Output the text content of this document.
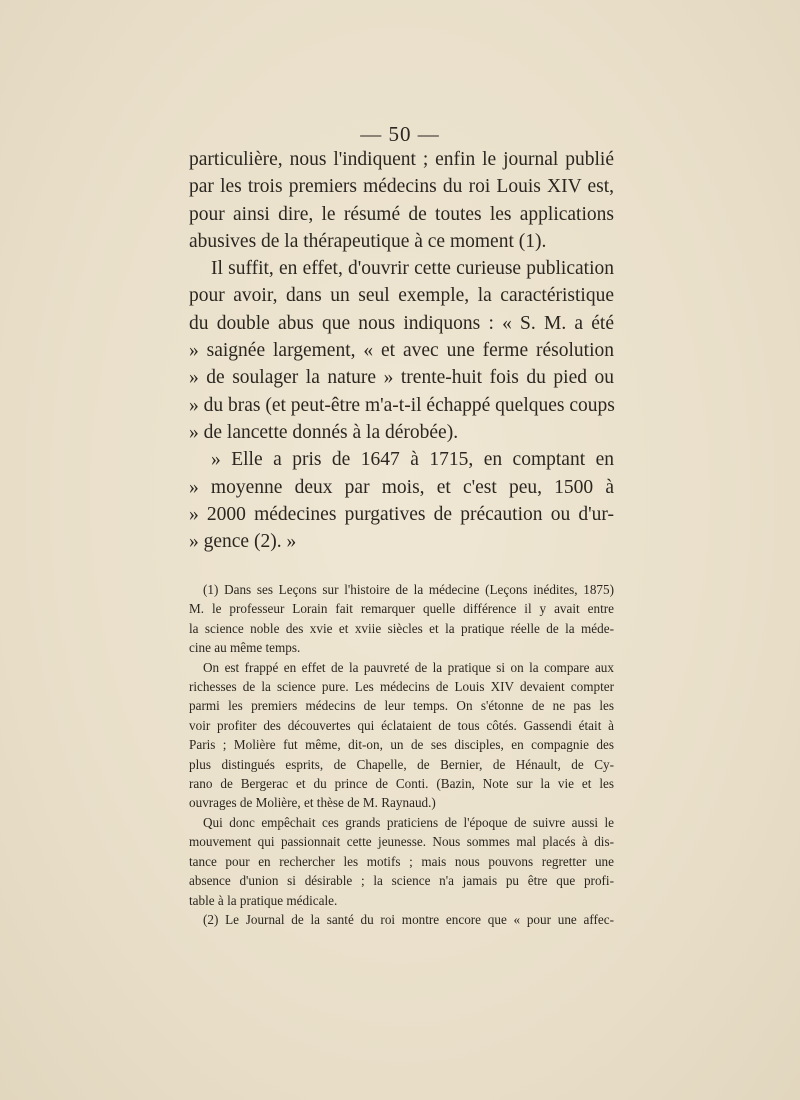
— 50 —
particulière, nous l'indiquent ; enfin le journal publié
par les trois premiers médecins du roi Louis XIV est,
pour ainsi dire, le résumé de toutes les applications
abusives de la thérapeutique à ce moment (1).
Il suffit, en effet, d'ouvrir cette curieuse publication
pour avoir, dans un seul exemple, la caractéristique
du double abus que nous indiquons : « S. M. a été
» saignée largement, « et avec une ferme résolution
» de soulager la nature » trente-huit fois du pied ou
» du bras (et peut-être m'a-t-il échappé quelques coups
» de lancette donnés à la dérobée).
» Elle a pris de 1647 à 1715, en comptant en
» moyenne deux par mois, et c'est peu, 1500 à
» 2000 médecines purgatives de précaution ou d'ur-
» gence (2). »
(1) Dans ses Leçons sur l'histoire de la médecine (Leçons inédites, 1875)
M. le professeur Lorain fait remarquer quelle différence il y avait entre
la science noble des xvie et xviie siècles et la pratique réelle de la méde-
cine au même temps.
On est frappé en effet de la pauvreté de la pratique si on la compare aux
richesses de la science pure. Les médecins de Louis XIV devaient compter
parmi les premiers médecins de leur temps. On s'étonne de ne pas les
voir profiter des découvertes qui éclataient de tous côtés. Gassendi était à
Paris ; Molière fut même, dit-on, un de ses disciples, en compagnie des
plus distingués esprits, de Chapelle, de Bernier, de Hénault, de Cy-
rano de Bergerac et du prince de Conti. (Bazin, Note sur la vie et les
ouvrages de Molière, et thèse de M. Raynaud.)
Qui donc empêchait ces grands praticiens de l'époque de suivre aussi le
mouvement qui passionnait cette jeunesse. Nous sommes mal placés à dis-
tance pour en rechercher les motifs ; mais nous pouvons regretter une
absence d'union si désirable ; la science n'a jamais pu être que profi-
table à la pratique médicale.
(2) Le Journal de la santé du roi montre encore que « pour une affec-
